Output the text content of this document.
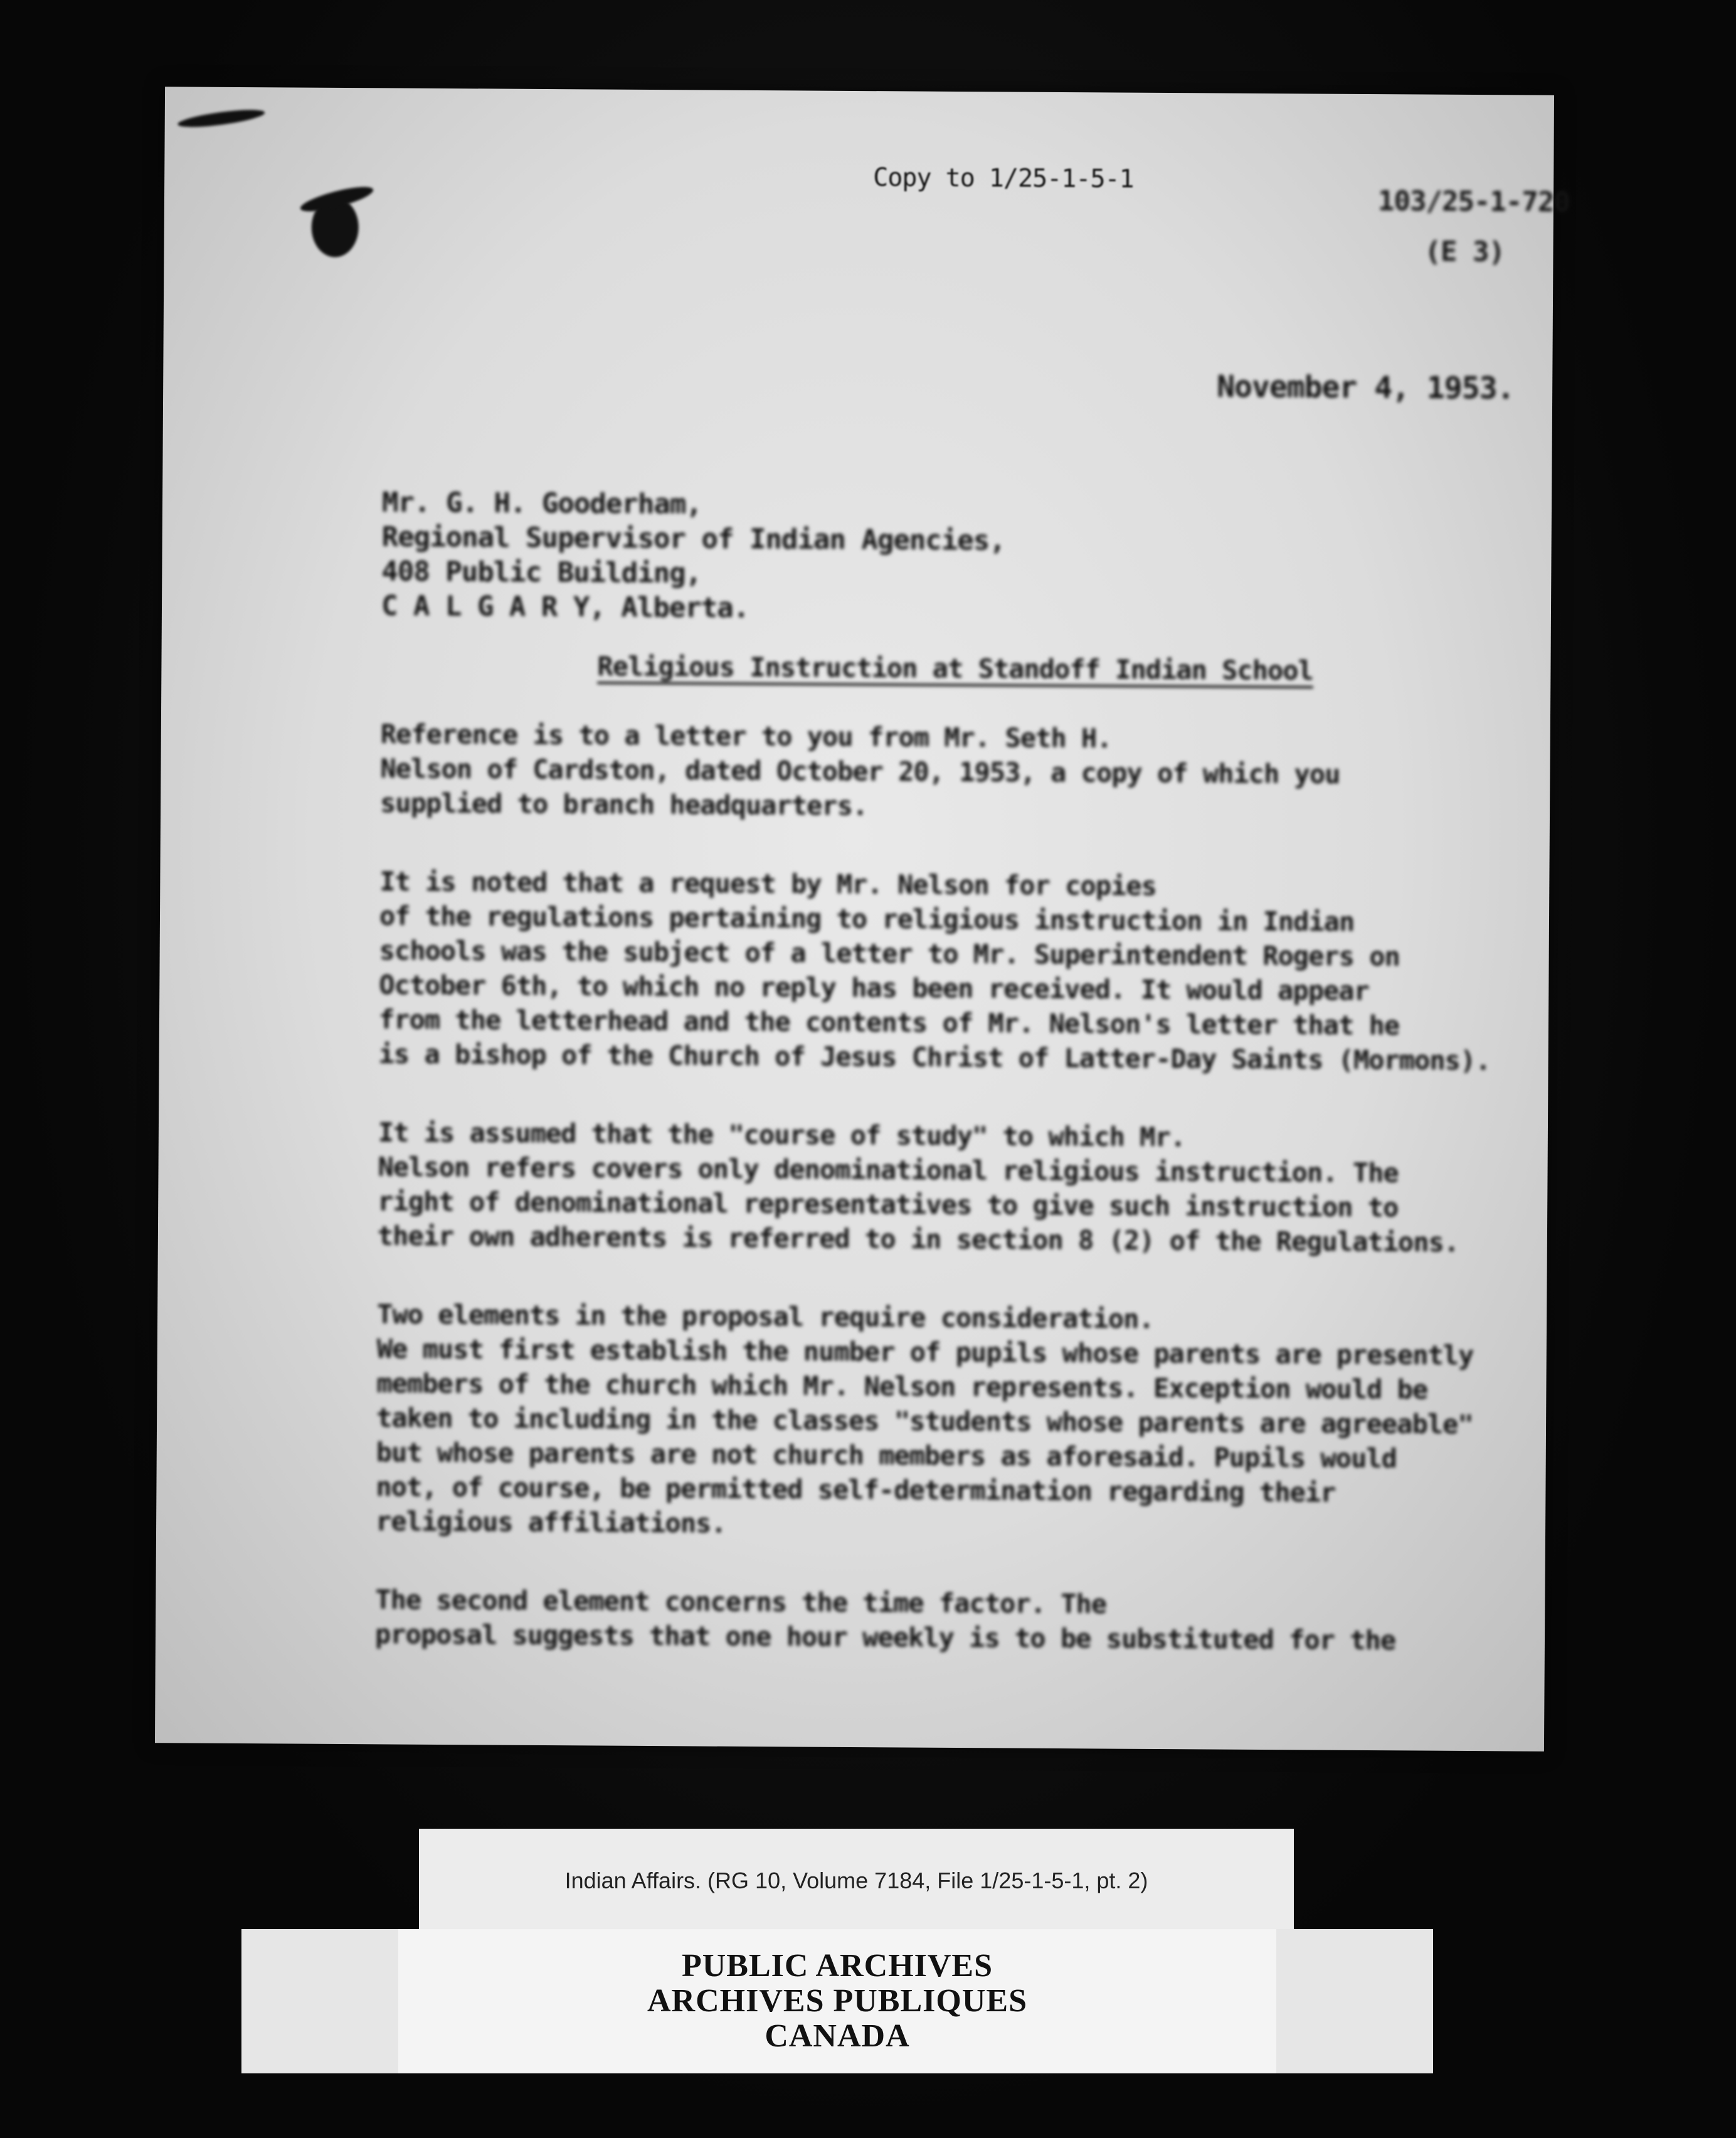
Copy to 1/25-1-5-1
103/25-1-720
(E 3)
November 4, 1953.
Mr. G. H. Gooderham,
Regional Supervisor of Indian Agencies,
408 Public Building,
C A L G A R Y, Alberta.
Religious Instruction at Standoff Indian School
Reference is to a letter to you from Mr. Seth H.
Nelson of Cardston, dated October 20, 1953, a copy of which you
supplied to branch headquarters.
It is noted that a request by Mr. Nelson for copies
of the regulations pertaining to religious instruction in Indian
schools was the subject of a letter to Mr. Superintendent Rogers on
October 6th, to which no reply has been received. It would appear
from the letterhead and the contents of Mr. Nelson's letter that he
is a bishop of the Church of Jesus Christ of Latter-Day Saints (Mormons).
It is assumed that the "course of study" to which Mr.
Nelson refers covers only denominational religious instruction. The
right of denominational representatives to give such instruction to
their own adherents is referred to in section 8 (2) of the Regulations.
Two elements in the proposal require consideration.
We must first establish the number of pupils whose parents are presently
members of the church which Mr. Nelson represents. Exception would be
taken to including in the classes "students whose parents are agreeable"
but whose parents are not church members as aforesaid. Pupils would
not, of course, be permitted self-determination regarding their
religious affiliations.
The second element concerns the time factor. The
proposal suggests that one hour weekly is to be substituted for the
Indian Affairs. (RG 10, Volume 7184, File 1/25-1-5-1, pt. 2)
PUBLIC ARCHIVES
ARCHIVES PUBLIQUES
CANADA
